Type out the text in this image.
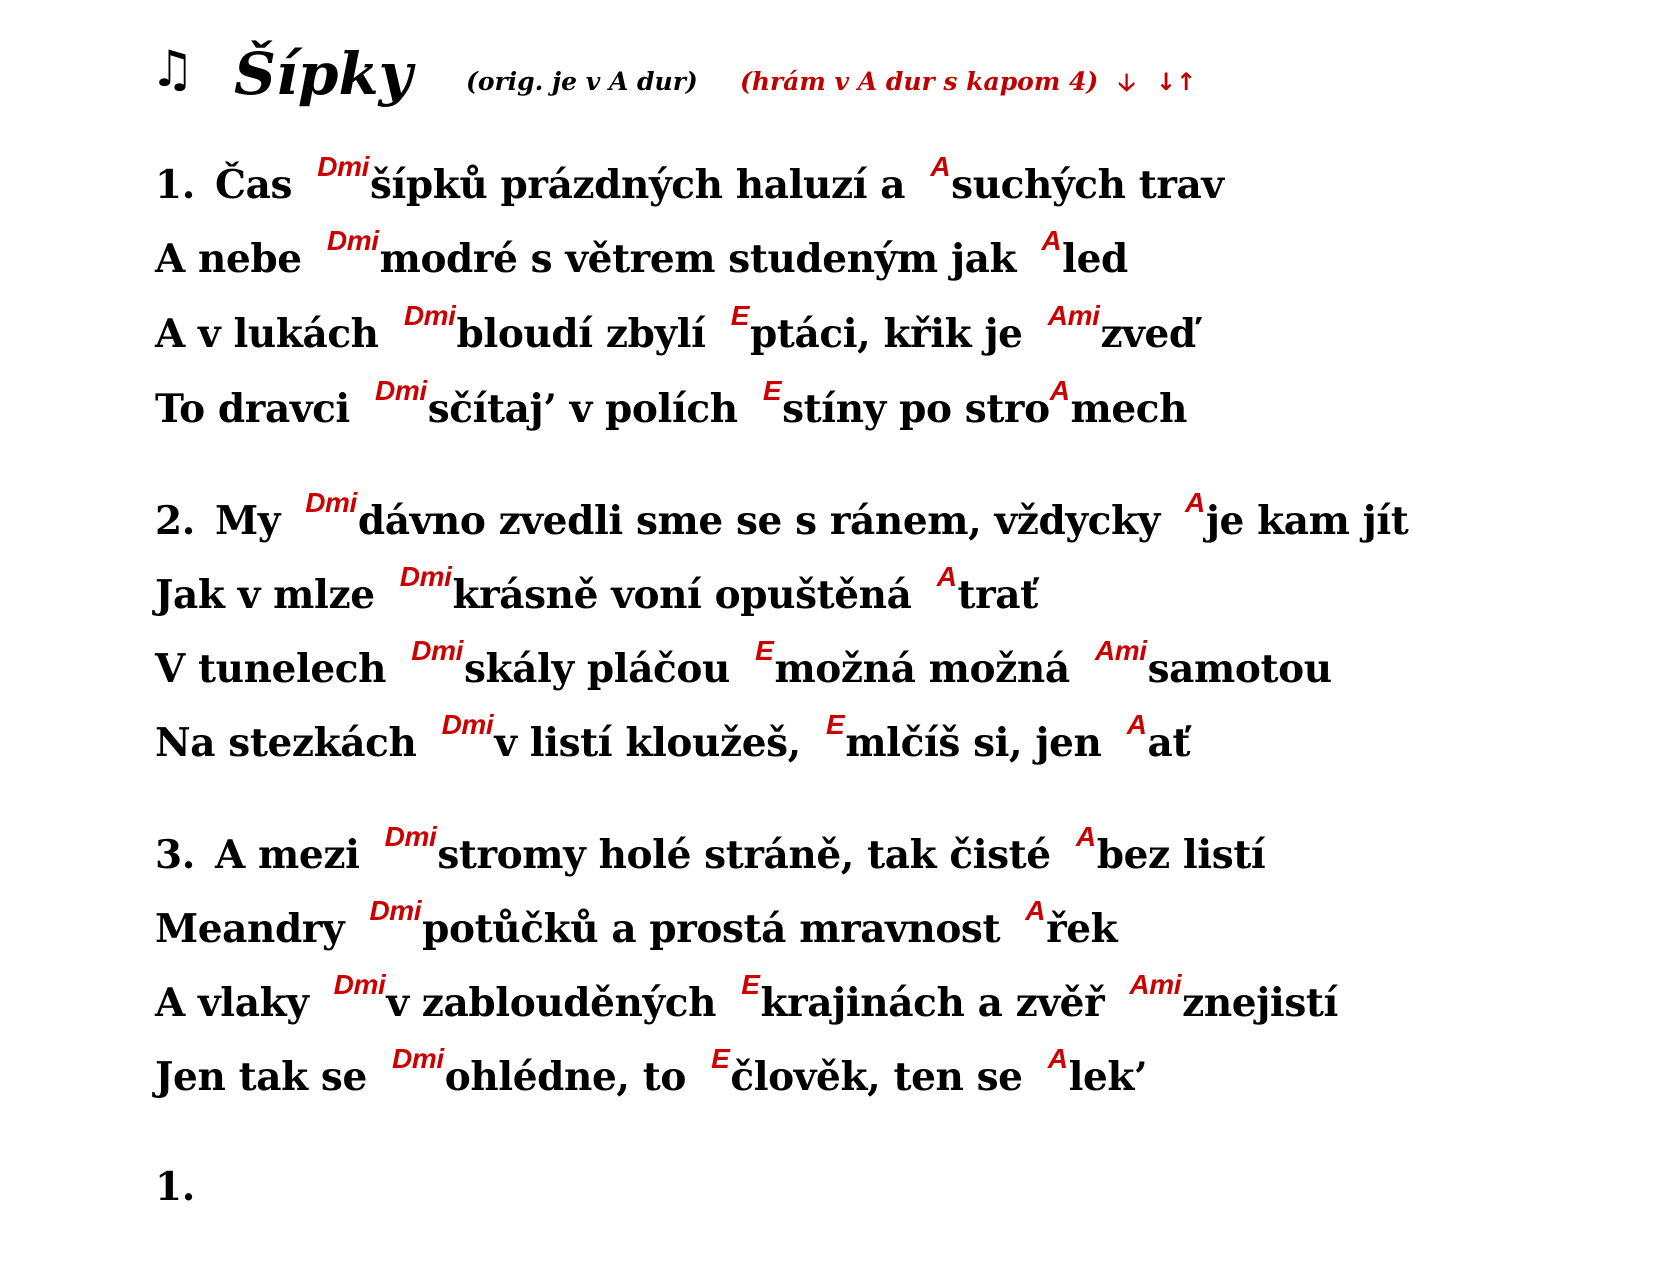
♫ Šípky (orig. je v A dur) (hrám v A dur s kapom 4) 🡣 ↓↑
1. Čas $^{Dmi}$šípků prázdných haluzí a $^A$suchých trav
A nebe $^{Dmi}$modré s větrem studeným jak $^A$led
A v lukách $^{Dmi}$bloudí zbylí $^E$ptáci, křik je $^{Ami}$zveď
To dravci $^{Dmi}$sčítaj’ v polích $^E$stíny po stro$^A$mech
2. My $^{Dmi}$dávno zvedli sme se s ránem, vždycky $^A$je kam jít
Jak v mlze $^{Dmi}$krásně voní opuštěná $^A$trať
V tunelech $^{Dmi}$skály pláčou $^E$možná možná $^{Ami}$samotou
Na stezkách $^{Dmi}$v listí kloužeš, $^E$mlčíš si, jen $^A$ať
3. A mezi $^{Dmi}$stromy holé stráně, tak čisté $^A$bez listí
Meandry $^{Dmi}$potůčků a prostá mravnost $^A$řek
A vlaky $^{Dmi}$v zablouděných $^E$krajinách a zvěř $^{Ami}$znejistí
Jen tak se $^{Dmi}$ohlédne, to $^E$člověk, ten se $^A$lek’
1.
